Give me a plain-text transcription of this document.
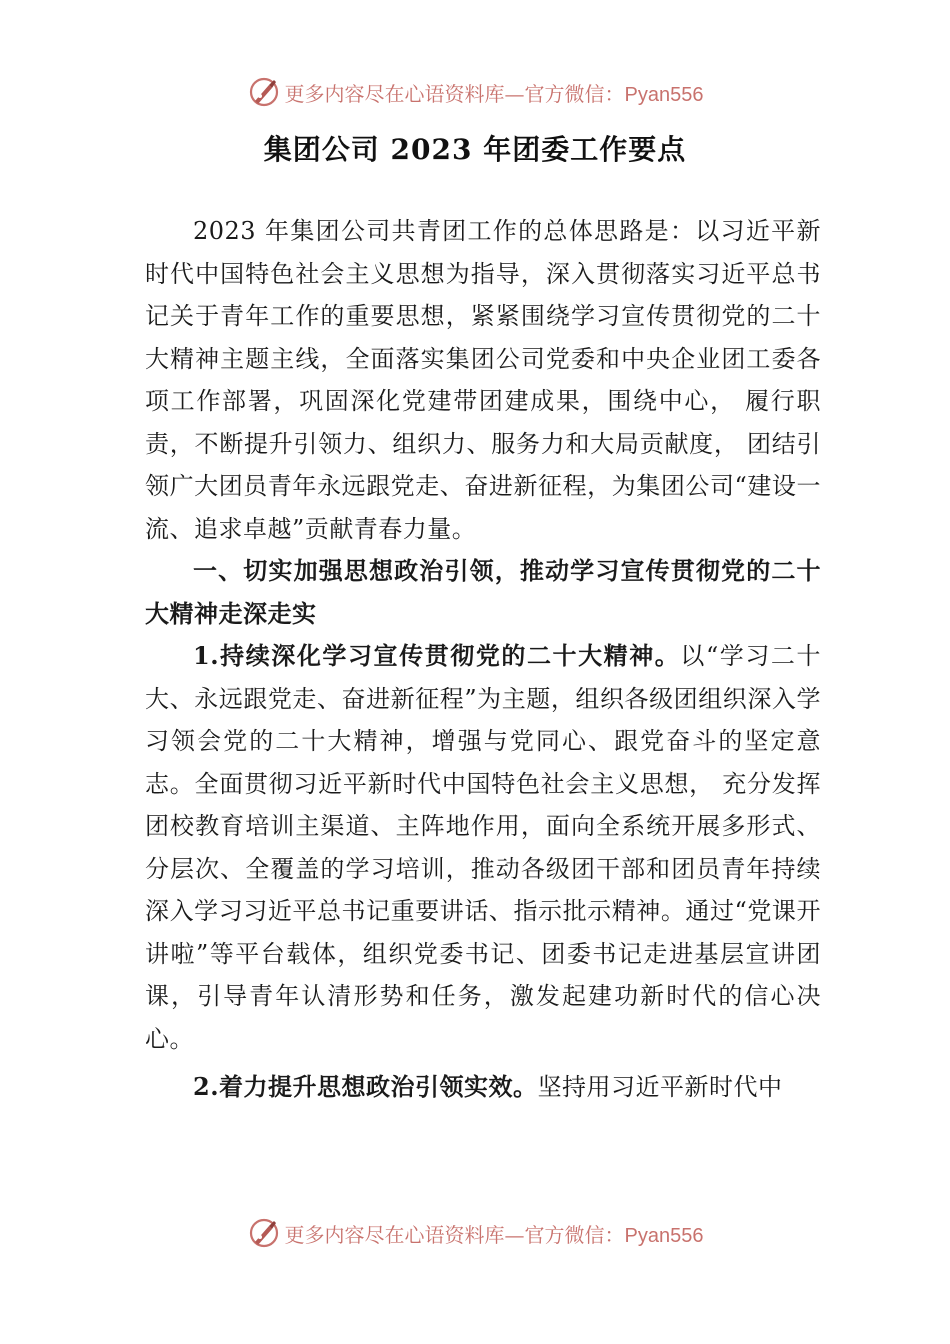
更多内容尽在心语资料库—官方微信：Pyan556
集团公司 2023 年团委工作要点

2023 年集团公司共青团工作的总体思路是：以习近平新时代中国特色社会主义思想为指导，深入贯彻落实习近平总书记关于青年工作的重要思想，紧紧围绕学习宣传贯彻党的二十大精神主题主线，全面落实集团公司党委和中央企业团工委各项工作部署，巩固深化党建带团建成果，围绕中心， 履行职责，不断提升引领力、组织力、服务力和大局贡献度， 团结引领广大团员青年永远跟党走、奋进新征程，为集团公司“建设一流、追求卓越”贡献青春力量。

一、切实加强思想政治引领，推动学习宣传贯彻党的二十大精神走深走实

1.持续深化学习宣传贯彻党的二十大精神。以“学习二十大、永远跟党走、奋进新征程”为主题，组织各级团组织深入学习领会党的二十大精神，增强与党同心、跟党奋斗的坚定意志。全面贯彻习近平新时代中国特色社会主义思想， 充分发挥团校教育培训主渠道、主阵地作用，面向全系统开展多形式、分层次、全覆盖的学习培训，推动各级团干部和团员青年持续深入学习习近平总书记重要讲话、指示批示精神。通过“党课开讲啦”等平台载体，组织党委书记、团委书记走进基层宣讲团课，引导青年认清形势和任务，激发起建功新时代的信心决心。

2.着力提升思想政治引领实效。坚持用习近平新时代中

更多内容尽在心语资料库—官方微信：Pyan556
